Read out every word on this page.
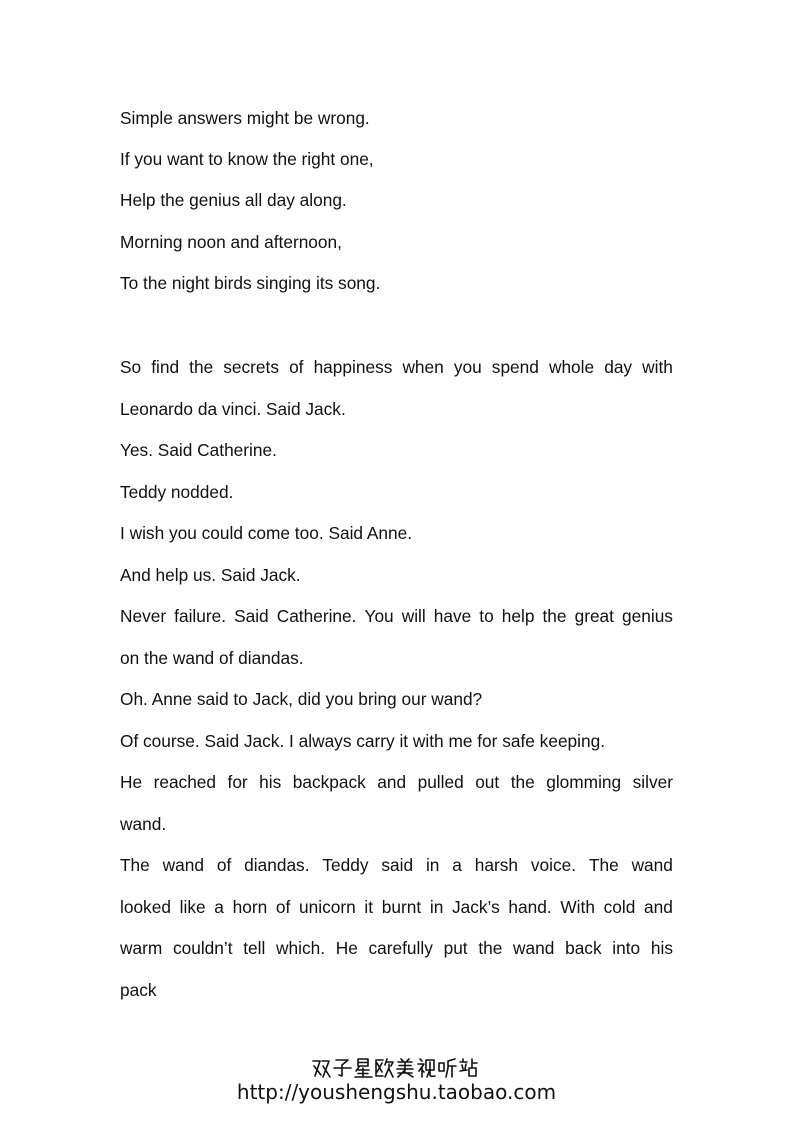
Simple answers might be wrong.
If you want to know the right one,
Help the genius all day along.
Morning noon and afternoon,
To the night birds singing its song.
So find the secrets of happiness when you spend whole day with
Leonardo da vinci. Said Jack.
Yes. Said Catherine.
Teddy nodded.
I wish you could come too. Said Anne.
And help us. Said Jack.
Never failure. Said Catherine. You will have to help the great genius
on the wand of diandas.
Oh. Anne said to Jack, did you bring our wand?
Of course. Said Jack. I always carry it with me for safe keeping.
He reached for his backpack and pulled out the glomming silver
wand.
The wand of diandas. Teddy said in a harsh voice. The wand
looked like a horn of unicorn it burnt in Jack’s hand. With cold and
warm couldn’t tell which. He carefully put the wand back into his
pack
http://youshengshu.taobao.com
